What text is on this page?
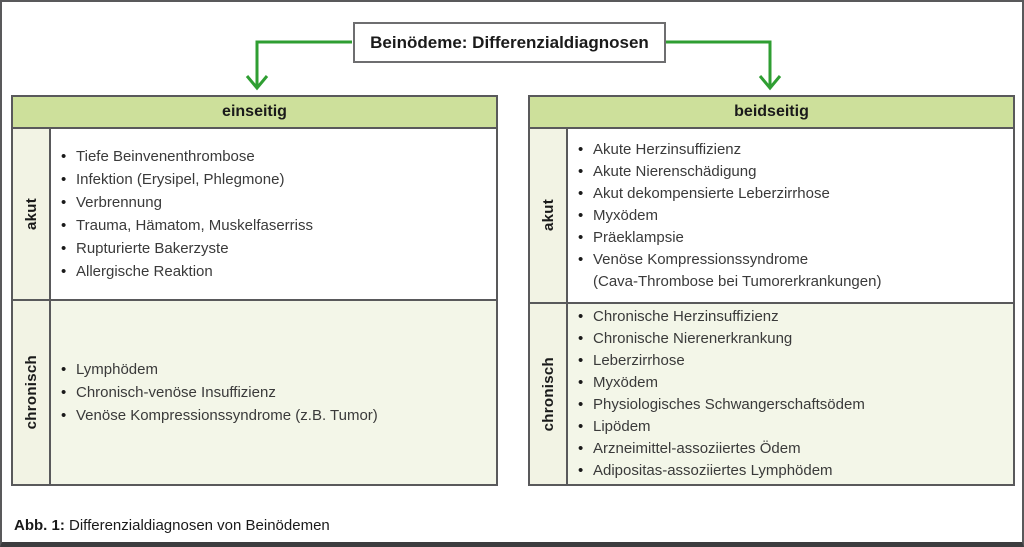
Beinödeme: Differenzialdiagnosen
einseitig
akut
• Tiefe Beinvenenthrombose
• Infektion (Erysipel, Phlegmone)
• Verbrennung
• Trauma, Hämatom, Muskelfaserriss
• Rupturierte Bakerzyste
• Allergische Reaktion
chronisch • Lymphödem
• Chronisch-venöse Insuffizienz
• Venöse Kompressionssyndrome (z.B. Tumor)
beidseitig
akut
• Akute Herzinsuffizienz
• Akute Nierenschädigung
• Akut dekompensierte Leberzirrhose
• Myxödem
• Präeklampsie
• Venöse Kompressionssyndrome
(Cava-Thrombose bei Tumorerkrankungen)
chronisch
• Chronische Herzinsuffizienz
• Chronische Nierenerkrankung
• Leberzirrhose
• Myxödem
• Physiologisches Schwangerschaftsödem
• Lipödem
• Arzneimittel-assoziiertes Ödem
• Adipositas-assoziiertes Lymphödem
Abb. 1: Differenzialdiagnosen von Beinödemen
